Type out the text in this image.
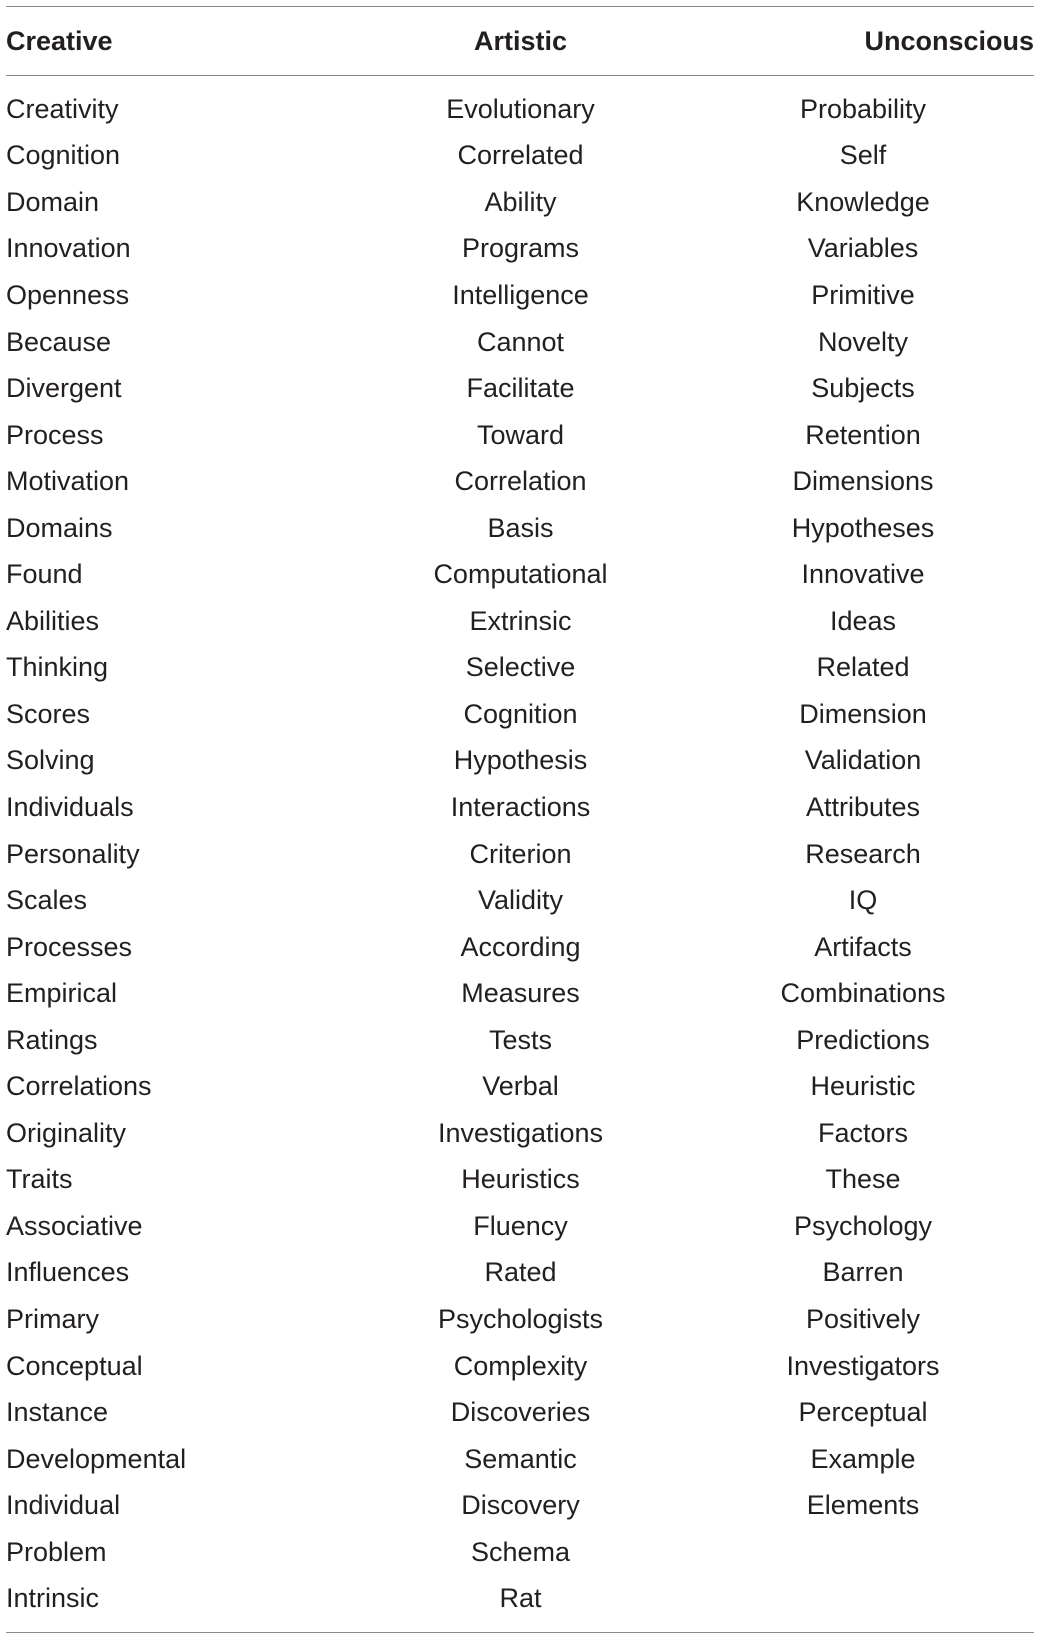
Creative	Artistic	Unconscious

Creativity	Evolutionary	Probability
Cognition	Correlated	Self
Domain	Ability	Knowledge
Innovation	Programs	Variables
Openness	Intelligence	Primitive
Because	Cannot	Novelty
Divergent	Facilitate	Subjects
Process	Toward	Retention
Motivation	Correlation	Dimensions
Domains	Basis	Hypotheses
Found	Computational	Innovative
Abilities	Extrinsic	Ideas
Thinking	Selective	Related
Scores	Cognition	Dimension
Solving	Hypothesis	Validation
Individuals	Interactions	Attributes
Personality	Criterion	Research
Scales	Validity	IQ
Processes	According	Artifacts
Empirical	Measures	Combinations
Ratings	Tests	Predictions
Correlations	Verbal	Heuristic
Originality	Investigations	Factors
Traits	Heuristics	These
Associative	Fluency	Psychology
Influences	Rated	Barren
Primary	Psychologists	Positively
Conceptual	Complexity	Investigators
Instance	Discoveries	Perceptual
Developmental	Semantic	Example
Individual	Discovery	Elements
Problem	Schema	
Intrinsic	Rat	
